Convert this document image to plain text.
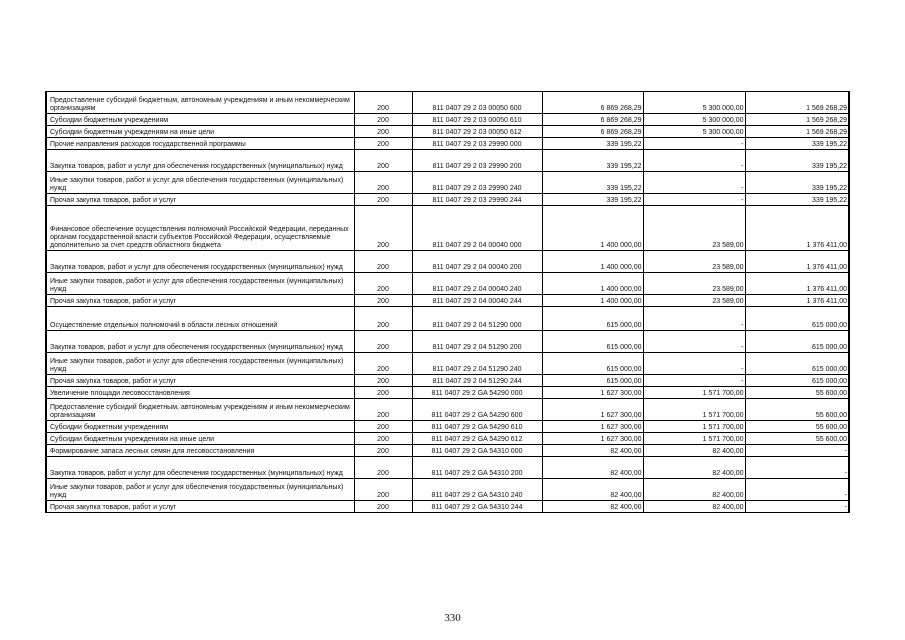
Предоставление субсидий бюджетным, автономным учреждениям и иным некоммерческим организациям	200	811 0407 29 2 03 00050 600	6 869 268,29	5 300 000,00	1 569 268,29
Субсидии бюджетным учреждениям	200	811 0407 29 2 03 00050 610	6 869 268,29	5 300 000,00	1 569 268,29
Субсидии бюджетным учреждениям на иные цели	200	811 0407 29 2 03 00050 612	6 869 268,29	5 300 000,00	1 569 268,29
Прочие направления расходов государственной программы	200	811 0407 29 2 03 29990 000	339 195,22	-	339 195,22
Закупка товаров, работ и услуг для обеспечения государственных (муниципальных) нужд	200	811 0407 29 2 03 29990 200	339 195,22	-	339 195,22
Иные закупки товаров, работ и услуг для обеспечения государственных (муниципальных) нужд	200	811 0407 29 2 03 29990 240	339 195,22	-	339 195,22
Прочая закупка товаров, работ и услуг	200	811 0407 29 2 03 29990 244	339 195,22	-	339 195,22
Финансовое обеспечение осуществления полномочий Российской Федерации, переданных органам государственной власти субъектов Российской Федерации, осуществляемые дополнительно за счет средств областного бюджета	200	811 0407 29 2 04 00040 000	1 400 000,00	23 589,00	1 376 411,00
Закупка товаров, работ и услуг для обеспечения государственных (муниципальных) нужд	200	811 0407 29 2 04 00040 200	1 400 000,00	23 589,00	1 376 411,00
Иные закупки товаров, работ и услуг для обеспечения государственных (муниципальных) нужд	200	811 0407 29 2 04 00040 240	1 400 000,00	23 589,00	1 376 411,00
Прочая закупка товаров, работ и услуг	200	811 0407 29 2 04 00040 244	1 400 000,00	23 589,00	1 376 411,00
Осуществление отдельных полномочий в области лесных отношений	200	811 0407 29 2 04 51290 000	615 000,00	-	615 000,00
Закупка товаров, работ и услуг для обеспечения государственных (муниципальных) нужд	200	811 0407 29 2 04 51290 200	615 000,00	-	615 000,00
Иные закупки товаров, работ и услуг для обеспечения государственных (муниципальных) нужд	200	811 0407 29 2 04 51290 240	615 000,00	-	615 000,00
Прочая закупка товаров, работ и услуг	200	811 0407 29 2 04 51290 244	615 000,00	-	615 000,00
Увеличение площади лесовосстановления	200	811 0407 29 2 GA 54290 000	1 627 300,00	1 571 700,00	55 600,00
Предоставление субсидий бюджетным, автономным учреждениям и иным некоммерческим организациям	200	811 0407 29 2 GA 54290 600	1 627 300,00	1 571 700,00	55 600,00
Субсидии бюджетным учреждениям	200	811 0407 29 2 GA 54290 610	1 627 300,00	1 571 700,00	55 600,00
Субсидии бюджетным учреждениям на иные цели	200	811 0407 29 2 GA 54290 612	1 627 300,00	1 571 700,00	55 600,00
Формирование запаса лесных семян для лесовосстановления	200	811 0407 29 2 GA 54310 000	82 400,00	82 400,00	-
Закупка товаров, работ и услуг для обеспечения государственных (муниципальных) нужд	200	811 0407 29 2 GA 54310 200	82 400,00	82 400,00	-
Иные закупки товаров, работ и услуг для обеспечения государственных (муниципальных) нужд	200	811 0407 29 2 GA 54310 240	82 400,00	82 400,00	-
Прочая закупка товаров, работ и услуг	200	811 0407 29 2 GA 54310 244	82 400,00	82 400,00	-
330
